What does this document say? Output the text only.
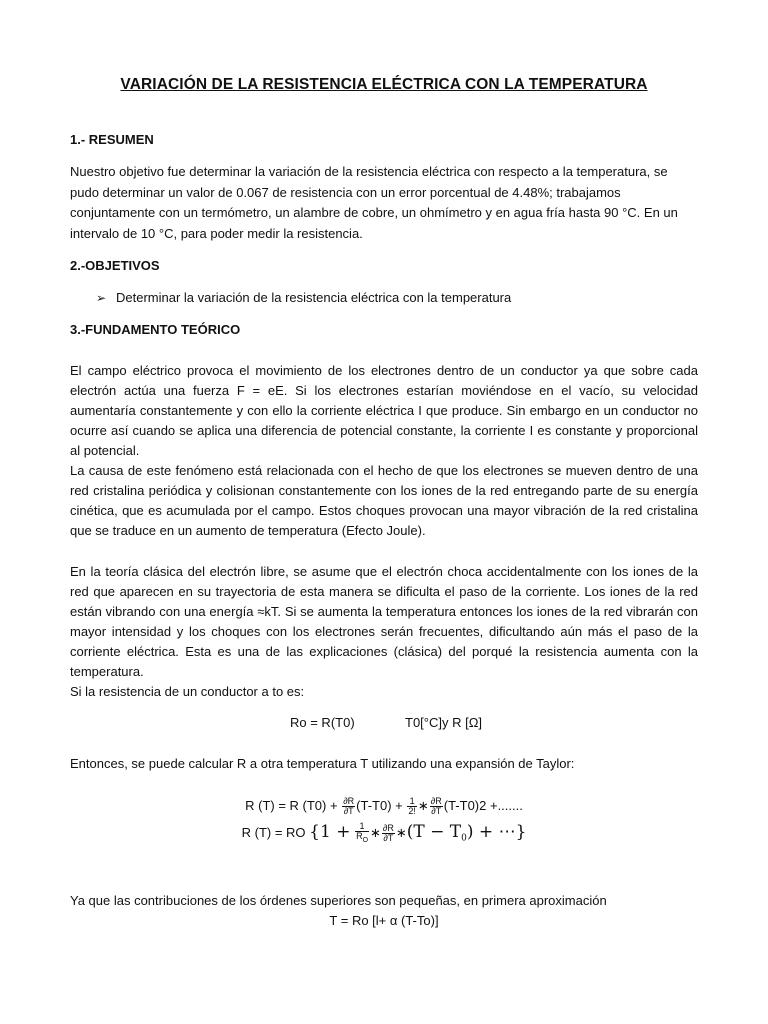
VARIACIÓN DE LA RESISTENCIA ELÉCTRICA CON LA TEMPERATURA
1.- RESUMEN
Nuestro objetivo fue determinar la variación de la resistencia eléctrica con respecto a la temperatura, se pudo determinar un valor de 0.067 de resistencia con un error porcentual de 4.48%; trabajamos conjuntamente con un termómetro, un alambre de cobre, un ohmímetro y en agua fría hasta 90 °C. En un intervalo de 10 °C, para poder medir la resistencia.
2.-OBJETIVOS
➢ Determinar la variación de la resistencia eléctrica con la temperatura
3.-FUNDAMENTO TEÓRICO
El campo eléctrico provoca el movimiento de los electrones dentro de un conductor ya que sobre cada electrón actúa una fuerza F = eE. Si los electrones estarían moviéndose en el vacío, su velocidad aumentaría constantemente y con ello la corriente eléctrica I que produce. Sin embargo en un conductor no ocurre así cuando se aplica una diferencia de potencial constante, la corriente I es constante y proporcional al potencial.
La causa de este fenómeno está relacionada con el hecho de que los electrones se mueven dentro de una red cristalina periódica y colisionan constantemente con los iones de la red entregando parte de su energía cinética, que es acumulada por el campo. Estos choques provocan una mayor vibración de la red cristalina que se traduce en un aumento de temperatura (Efecto Joule).
En la teoría clásica del electrón libre, se asume que el electrón choca accidentalmente con los iones de la red que aparecen en su trayectoria de esta manera se dificulta el paso de la corriente. Los iones de la red están vibrando con una energía ≈kT. Si se aumenta la temperatura entonces los iones de la red vibrarán con mayor intensidad y los choques con los electrones serán frecuentes, dificultando aún más el paso de la corriente eléctrica. Esta es una de las explicaciones (clásica) del porqué la resistencia aumenta con la temperatura.
Si la resistencia de un conductor a to es:
Ro = R(T0)	T0[°C]y R [Ω]
Entonces, se puede calcular R a otra temperatura T utilizando una expansión de Taylor:
R (T) = R $(T0) + \frac{\partial R}{\partial T} (T-T0) + \frac{1}{2!}$ ∗ $\frac{\partial R}{\partial T} (T-T0)2$ +.......
R (T) = RO {$1 + \frac{1}{R_O}$ ∗ $\frac{\partial R}{\partial T}$ ∗(T − $T_0$) + ⋯}
Ya que las contribuciones de los órdenes superiores son pequeñas, en primera aproximación
T = Ro [l+ α (T-To)]
